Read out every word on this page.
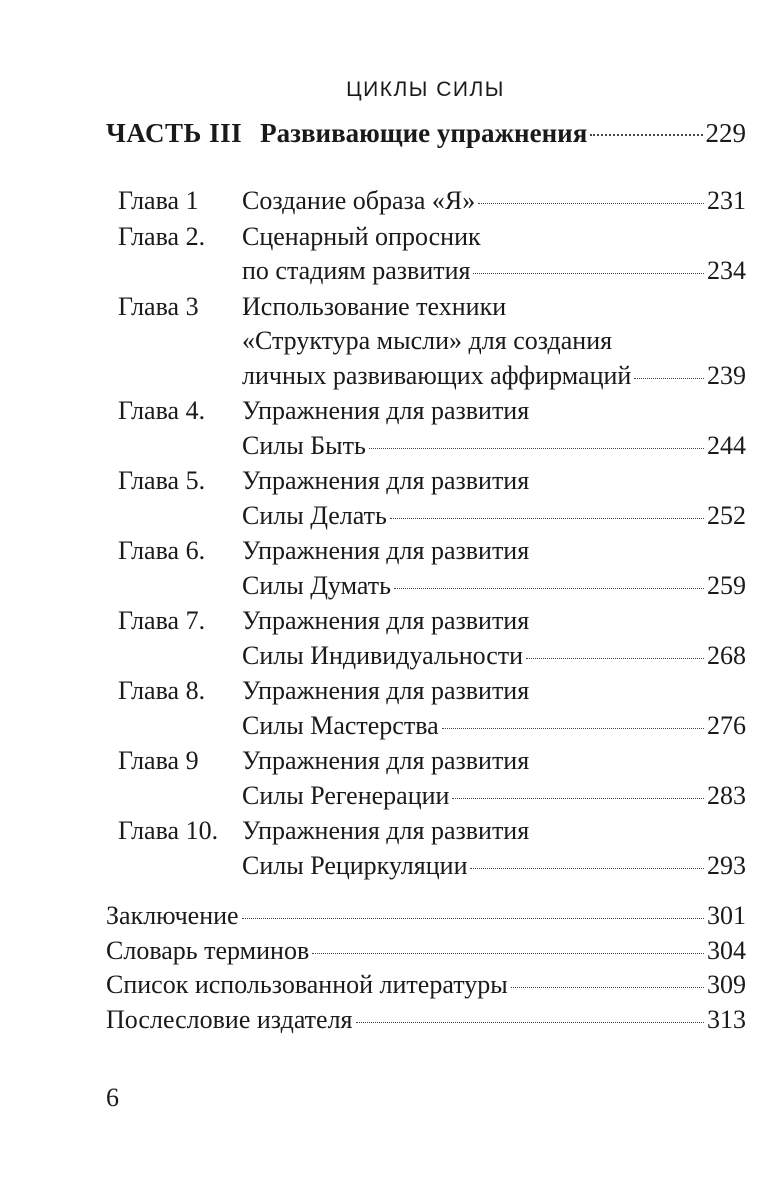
ЦИКЛЫ СИЛЫ
ЧАСТЬ III Развивающие упражнения	229
Глава 1	Создание образа «Я»	231
Глава 2.	Сценарный опросник
по стадиям развития	234
Глава 3	Использование техники
«Структура мысли» для создания
личных развивающих аффирмаций	239
Глава 4.	Упражнения для развития
Силы Быть	244
Глава 5.	Упражнения для развития
Силы Делать	252
Глава 6.	Упражнения для развития
Силы Думать	259
Глава 7.	Упражнения для развития
Силы Индивидуальности	268
Глава 8.	Упражнения для развития
Силы Мастерства	276
Глава 9	Упражнения для развития
Силы Регенерации	283
Глава 10. Упражнения для развития
Силы Рециркуляции	293
Заключение	301
Словарь терминов	304
Список использованной литературы	309
Послесловие издателя	313
6
